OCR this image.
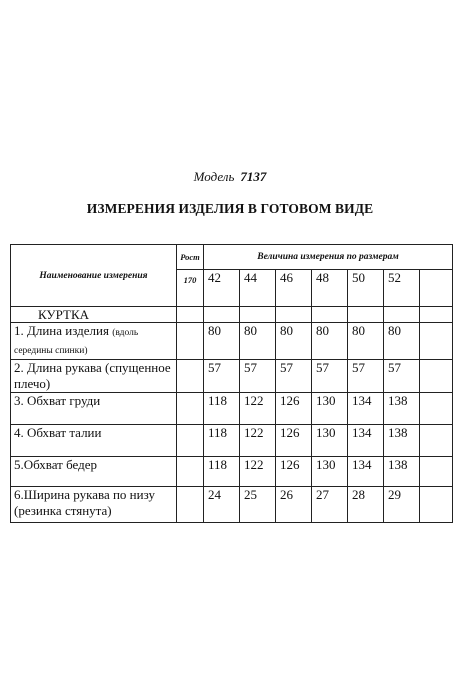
Модель 7137
ИЗМЕРЕНИЯ ИЗДЕЛИЯ В ГОТОВОМ ВИДЕ
Наименование измерения	Рост	Величина измерения по размерам						

	170	42	44	46	48	50	52	
КУРТКА								
1. Длина изделия (вдоль середины спинки)		80	80	80	80	80	80	
2. Длина рукава (спущенное плечо)		57	57	57	57	57	57	
3. Обхват груди		118	122	126	130	134	138	
4. Обхват талии		118	122	126	130	134	138	
5.Обхват бедер		118	122	126	130	134	138	
6.Ширина рукава по низу (резинка стянута)		24	25	26	27	28	29	
